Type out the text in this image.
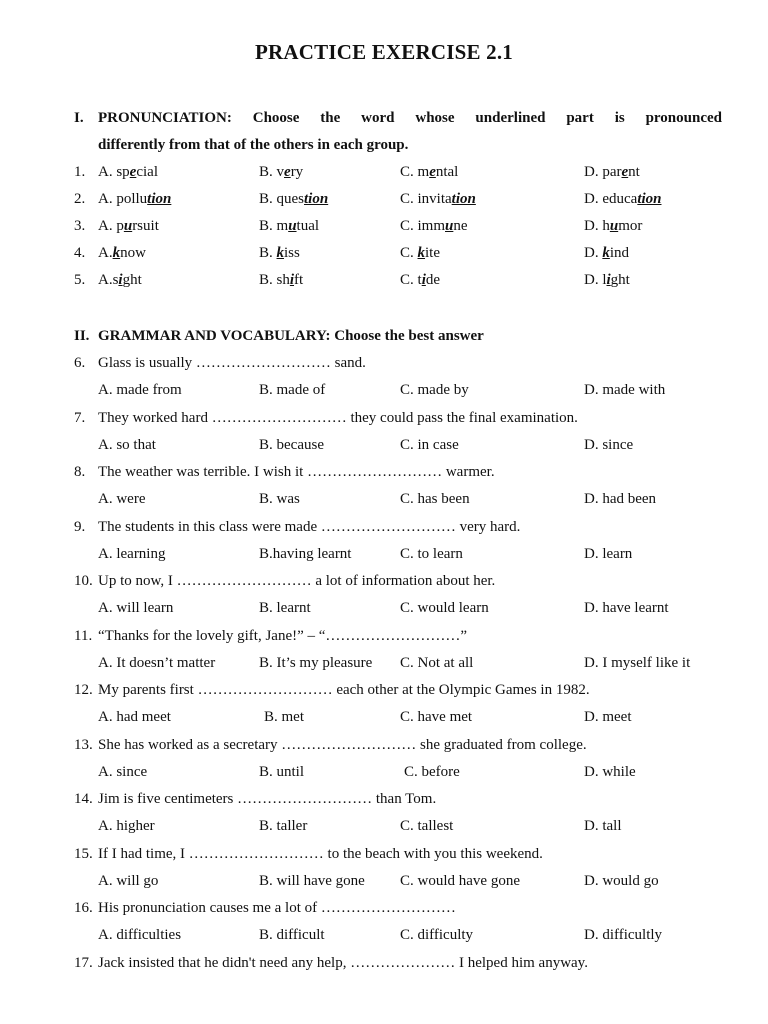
PRACTICE EXERCISE 2.1
I. PRONUNCIATION: Choose the word whose underlined part is pronounced
differently from that of the others in each group.
1. A. special	B. very	C. mental	D. parent
2. A. pollution	B. question	C. invitation	D. education
3. A. pursuit	B. mutual	C. immune	D. humor
4. A.know	B. kiss	C. kite	D. kind
5. A.sight	B. shift	C. tide	D. light
II. GRAMMAR AND VOCABULARY: Choose the best answer
6. Glass is usually ……………………… sand.
A. made from	B. made of	C. made by	D. made with
7. They worked hard ……………………… they could pass the final examination.
A. so that	B. because	C. in case	D. since
8. The weather was terrible. I wish it ……………………… warmer.
A. were	B. was	C. has been	D. had been
9. The students in this class were made ……………………… very hard.
A. learning	B.having learnt	C. to learn	D. learn
10. Up to now, I ……………………… a lot of information about her.
A. will learn	B. learnt	C. would learn	D. have learnt
11. “Thanks for the lovely gift, Jane!” – “………………………”
A. It doesn’t matter	B. It’s my pleasure C. Not at all	D. I myself like it
12. My parents first ……………………… each other at the Olympic Games in 1982.
A. had meet	B. met	C. have met	D. meet
13. She has worked as a secretary ……………………… she graduated from college.
A. since	B. until	C. before	D. while
14. Jim is five centimeters ……………………… than Tom.
A. higher	B. taller	C. tallest	D. tall
15. If I had time, I ……………………… to the beach with you this weekend.
A. will go	B. will have gone C. would have gone	D. would go
16. His pronunciation causes me a lot of ………………………
A. difficulties	B. difficult	C. difficulty	D. difficultly
17. Jack insisted that he didn't need any help, ………………… I helped him anyway.
